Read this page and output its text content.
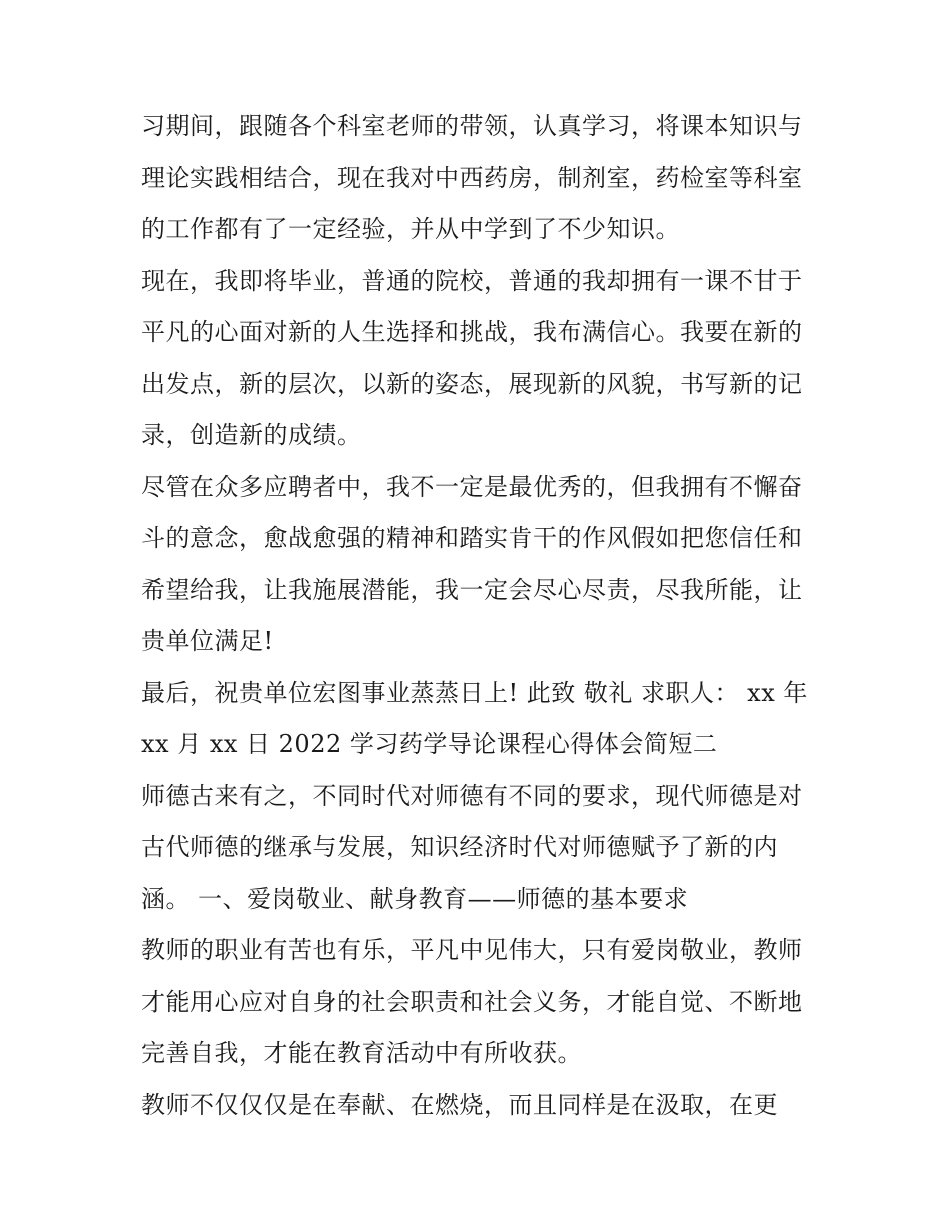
习期间，跟随各个科室老师的带领，认真学习，将课本知识与
理论实践相结合，现在我对中西药房，制剂室，药检室等科室
的工作都有了一定经验，并从中学到了不少知识。
现在，我即将毕业，普通的院校，普通的我却拥有一课不甘于
平凡的心面对新的人生选择和挑战，我布满信心。我要在新的
出发点，新的层次，以新的姿态，展现新的风貌，书写新的记
录，创造新的成绩。
尽管在众多应聘者中，我不一定是最优秀的，但我拥有不懈奋
斗的意念，愈战愈强的精神和踏实肯干的作风假如把您信任和
希望给我，让我施展潜能，我一定会尽心尽责，尽我所能，让
贵单位满足!
最后，祝贵单位宏图事业蒸蒸日上! 此致 敬礼 求职人： xx 年
xx 月 xx 日 2022 学习药学导论课程心得体会简短二
师德古来有之，不同时代对师德有不同的要求，现代师德是对
古代师德的继承与发展，知识经济时代对师德赋予了新的内
涵。 一、爱岗敬业、献身教育——师德的基本要求
教师的职业有苦也有乐，平凡中见伟大，只有爱岗敬业，教师
才能用心应对自身的社会职责和社会义务，才能自觉、不断地
完善自我，才能在教育活动中有所收获。
教师不仅仅仅是在奉献、在燃烧，而且同样是在汲取，在更
